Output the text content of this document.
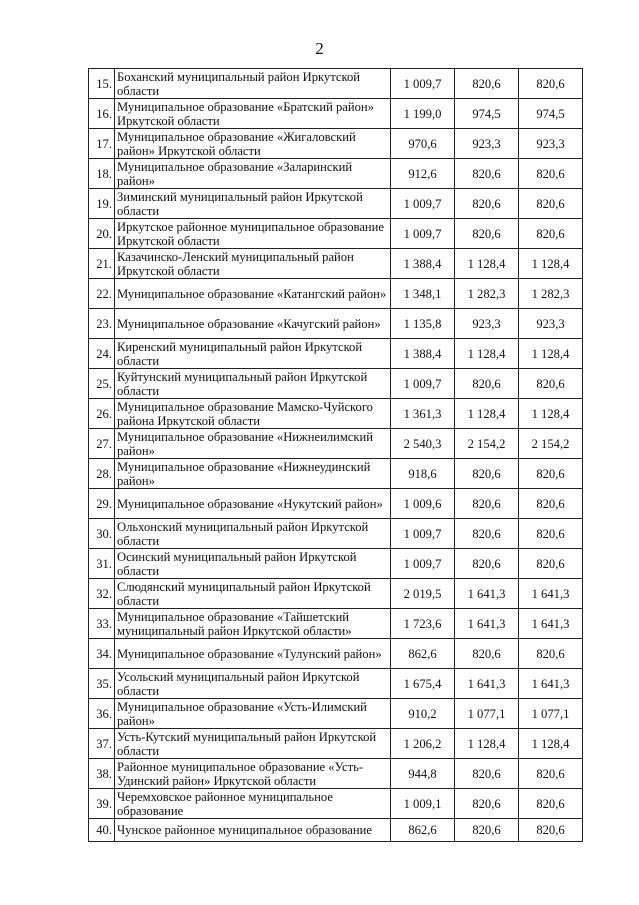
2
15.	Боханский муниципальный район Иркутской области	1 009,7	820,6	820,6
16.	Муниципальное образование «Братский район» Иркутской области	1 199,0	974,5	974,5
17.	Муниципальное образование «Жигаловский район» Иркутской области	970,6	923,3	923,3
18.	Муниципальное образование «Заларинский район»	912,6	820,6	820,6
19.	Зиминский муниципальный район Иркутской области	1 009,7	820,6	820,6
20.	Иркутское районное муниципальное образование Иркутской области	1 009,7	820,6	820,6
21.	Казачинско-Ленский муниципальный район Иркутской области	1 388,4	1 128,4	1 128,4
22.	Муниципальное образование «Катангский район»	1 348,1	1 282,3	1 282,3
23.	Муниципальное образование «Качугский район»	1 135,8	923,3	923,3
24.	Киренский муниципальный район Иркутской области	1 388,4	1 128,4	1 128,4
25.	Куйтунский муниципальный район Иркутской области	1 009,7	820,6	820,6
26.	Муниципальное образование Мамско-Чуйского района Иркутской области	1 361,3	1 128,4	1 128,4
27.	Муниципальное образование «Нижнеилимский район»	2 540,3	2 154,2	2 154,2
28.	Муниципальное образование «Нижнеудинский район»	918,6	820,6	820,6
29.	Муниципальное образование «Нукутский район»	1 009,6	820,6	820,6
30.	Ольхонский муниципальный район Иркутской области	1 009,7	820,6	820,6
31.	Осинский муниципальный район Иркутской области	1 009,7	820,6	820,6
32.	Слюдянский муниципальный район Иркутской области	2 019,5	1 641,3	1 641,3
33.	Муниципальное образование «Тайшетский муниципальный район Иркутской области»	1 723,6	1 641,3	1 641,3
34.	Муниципальное образование «Тулунский район»	862,6	820,6	820,6
35.	Усольский муниципальный район Иркутской области	1 675,4	1 641,3	1 641,3
36.	Муниципальное образование «Усть-Илимский район»	910,2	1 077,1	1 077,1
37.	Усть-Кутский муниципальный район Иркутской области	1 206,2	1 128,4	1 128,4
38.	Районное муниципальное образование «Усть-Удинский район» Иркутской области	944,8	820,6	820,6
39.	Черемховское районное муниципальное образование	1 009,1	820,6	820,6
40.	Чунское районное муниципальное образование	862,6	820,6	820,6
